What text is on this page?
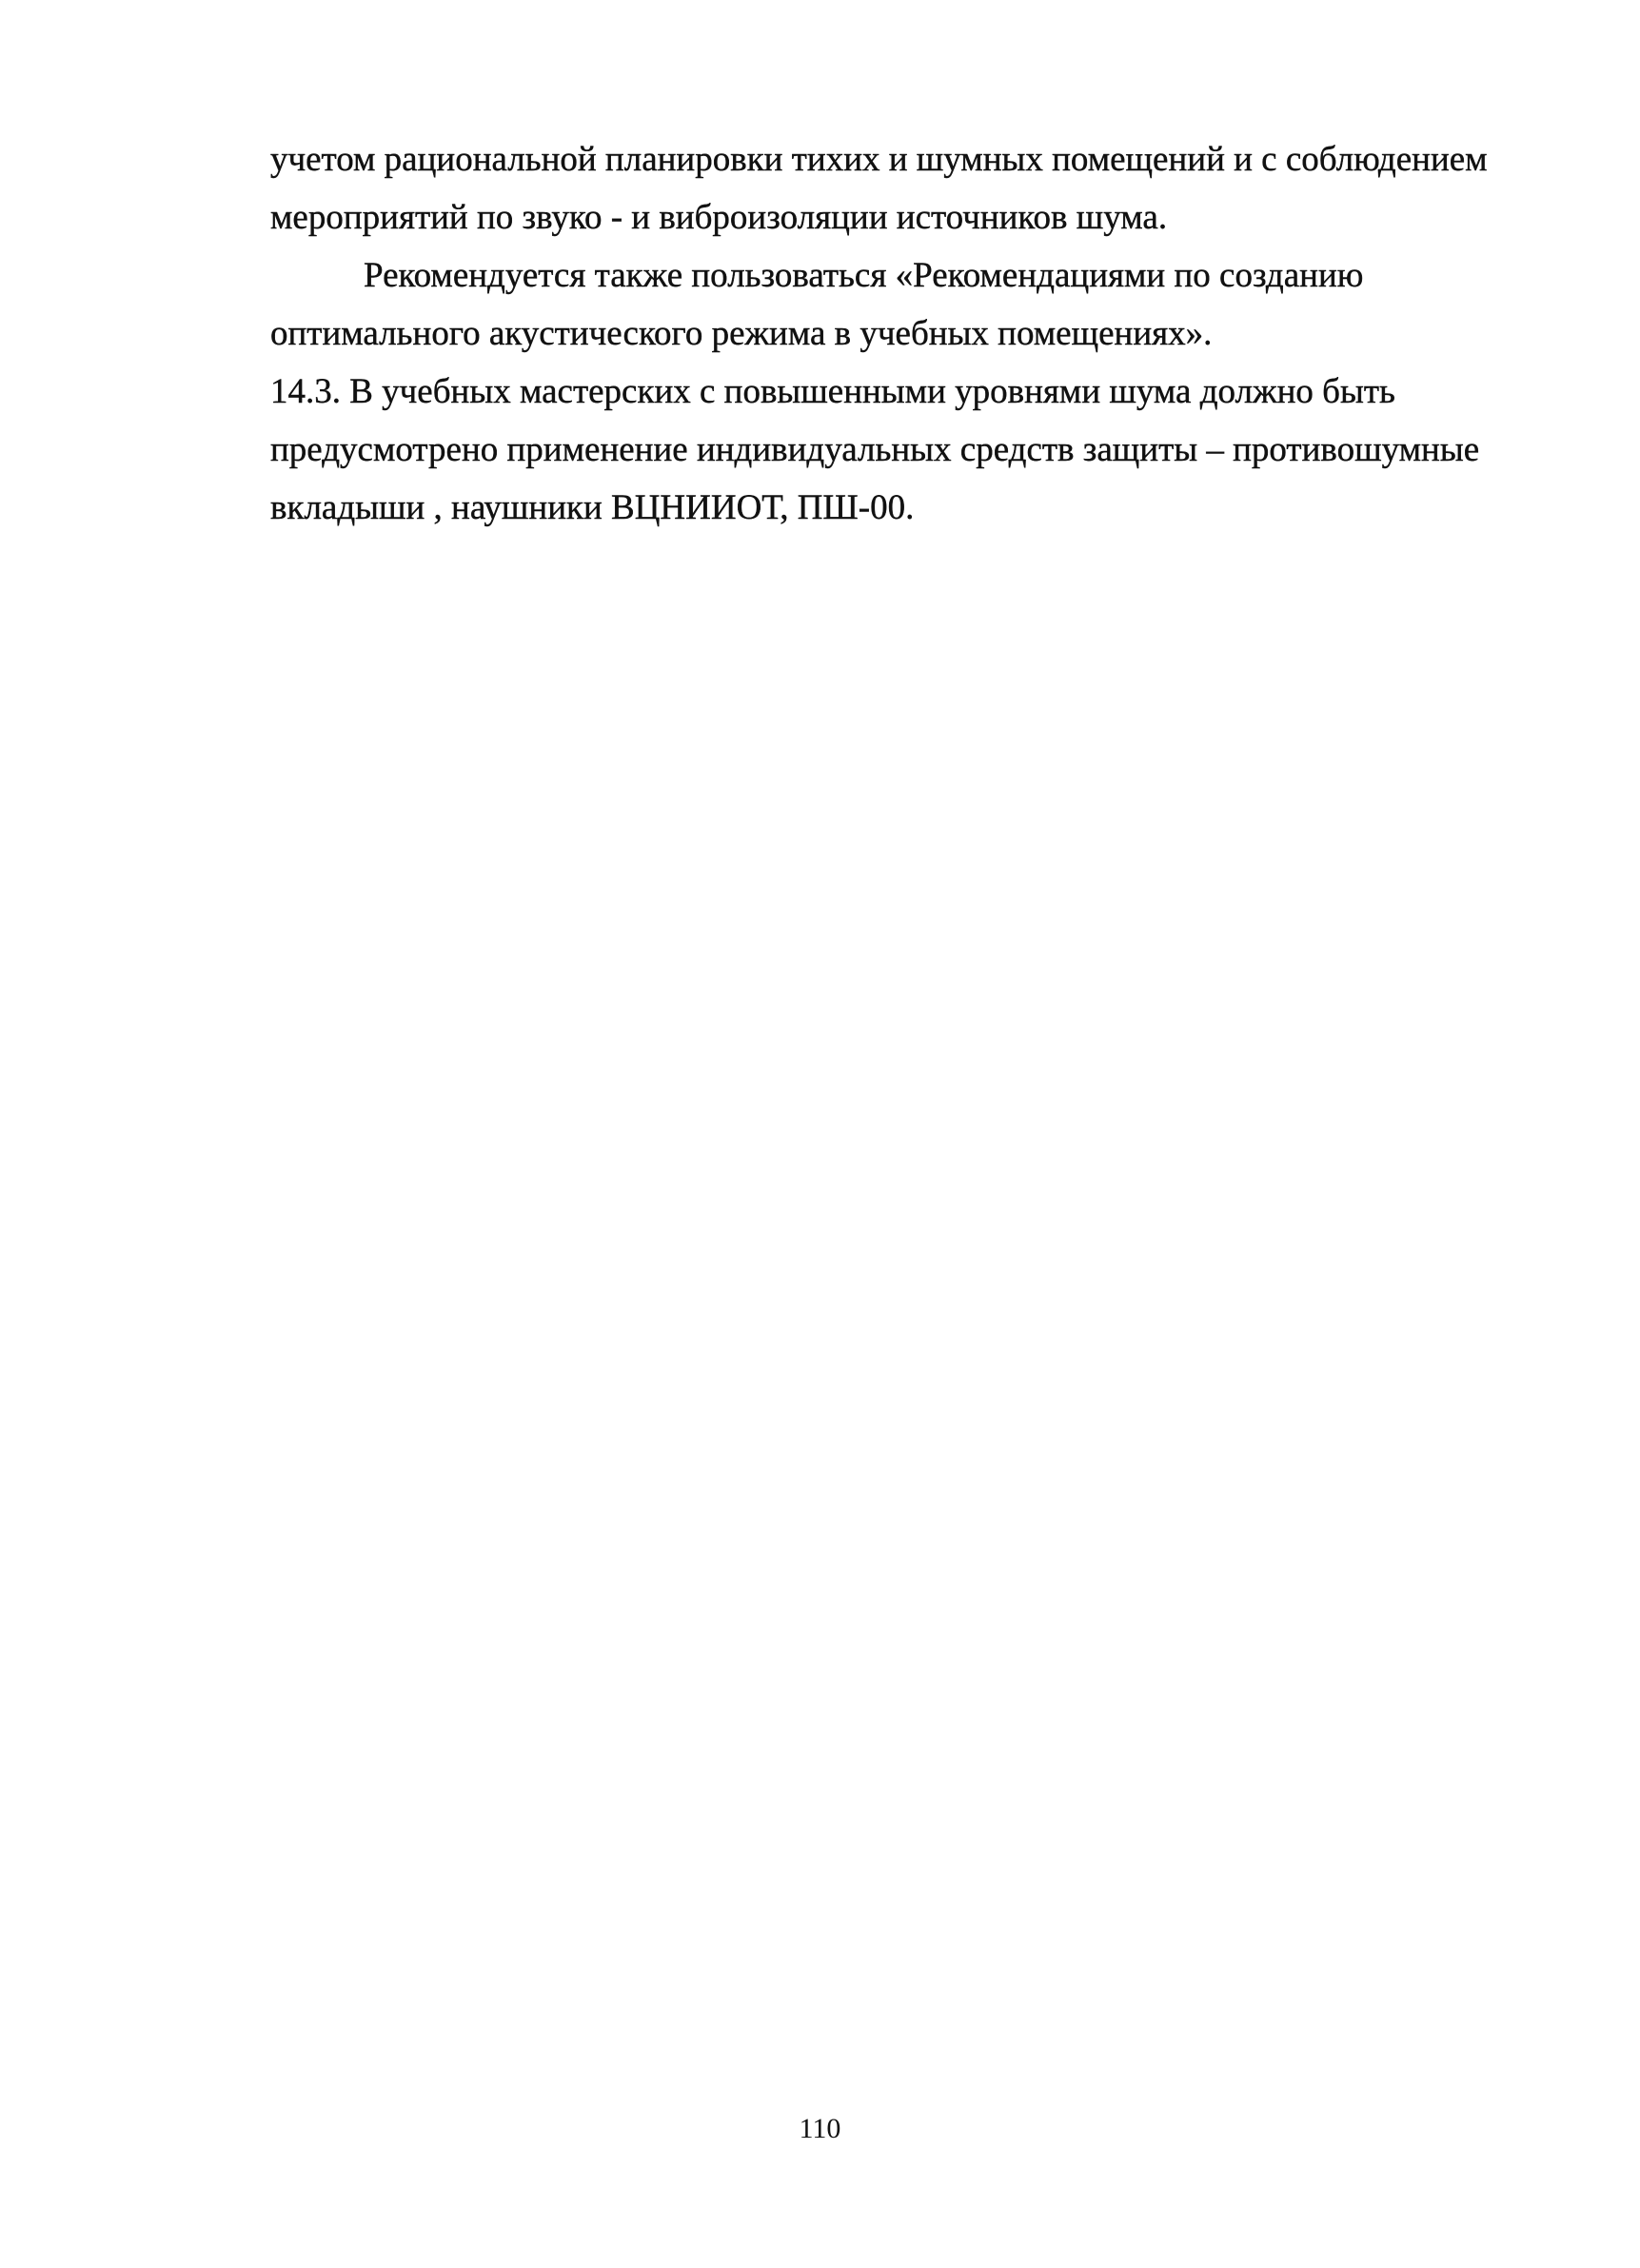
учетом рациональной планировки тихих и шумных помещений и с соблюдением
мероприятий по звуко - и виброизоляции источников шума.
Рекомендуется также пользоваться «Рекомендациями по созданию
оптимального акустического режима в учебных помещениях».
14.3. В учебных мастерских с повышенными уровнями шума должно быть
предусмотрено применение индивидуальных средств защиты – противошумные
вкладыши , наушники ВЦНИИОТ, ПШ-00.
110
